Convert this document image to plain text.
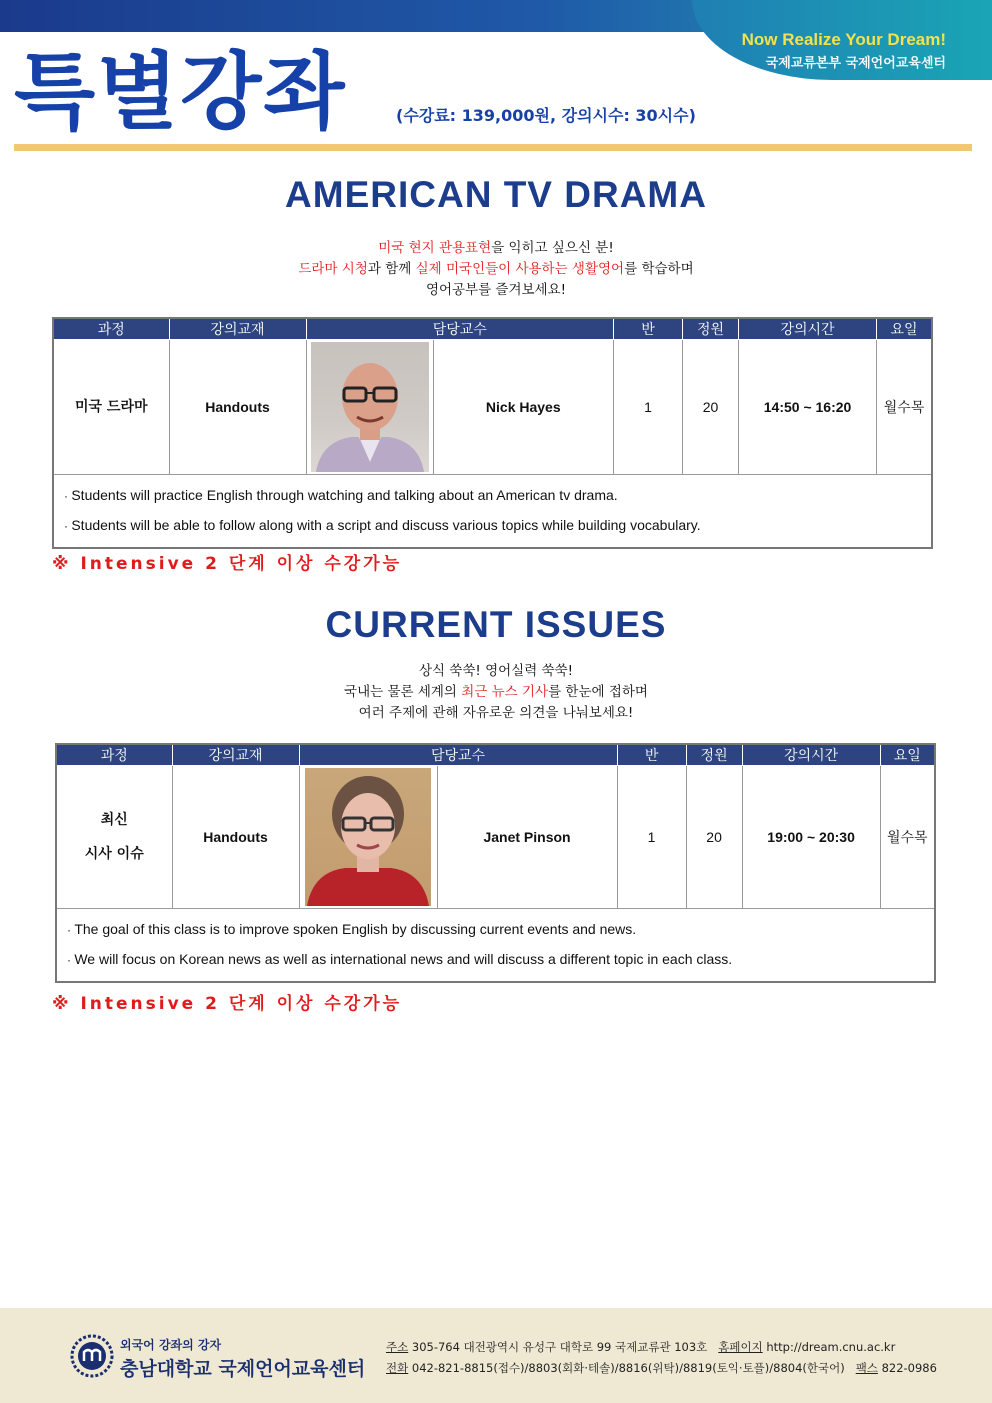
Now Realize Your Dream!
국제교류본부 국제언어교육센터
특별강좌	(수강료: 139,000원, 강의시수: 30시수)
AMERICAN TV DRAMA
미국 현지 관용표현을 익히고 싶으신 분!
드라마 시청과 함께 실제 미국인들이 사용하는 생활영어를 학습하며
영어공부를 즐겨보세요!
과정	강의교재	담당교수		반	정원	강의시간	요일
미국 드라마	Handouts		Nick Hayes	1	20	14:50 ~ 16:20	월수목

· Students will practice English through watching and talking about an American tv drama.
· Students will be able to follow along with a script and discuss various topics while building vocabulary.
※ Intensive 2 단계 이상 수강가능
CURRENT ISSUES
상식 쑥쑥! 영어실력 쑥쑥!
국내는 물론 세계의 최근 뉴스 기사를 한눈에 접하며
여러 주제에 관해 자유로운 의견을 나눠보세요!
과정	강의교재	담당교수		반	정원	강의시간	요일

최신
시사 이슈	Handouts		Janet Pinson	1	20	19:00 ~ 20:30	월수목

· The goal of this class is to improve spoken English by discussing current events and news.
· We will focus on Korean news as well as international news and will discuss a different topic in each class.
※ Intensive 2 단계 이상 수강가능
외국어 강좌의 강자
충남대학교 국제언어교육센터
주소 305-764 대전광역시 유성구 대학로 99 국제교류관 103호 홈페이지 http://dream.cnu.ac.kr
전화 042-821-8815(접수)/8803(회화·테솔)/8816(위탁)/8819(토익·토플)/8804(한국어) 팩스 822-0986
